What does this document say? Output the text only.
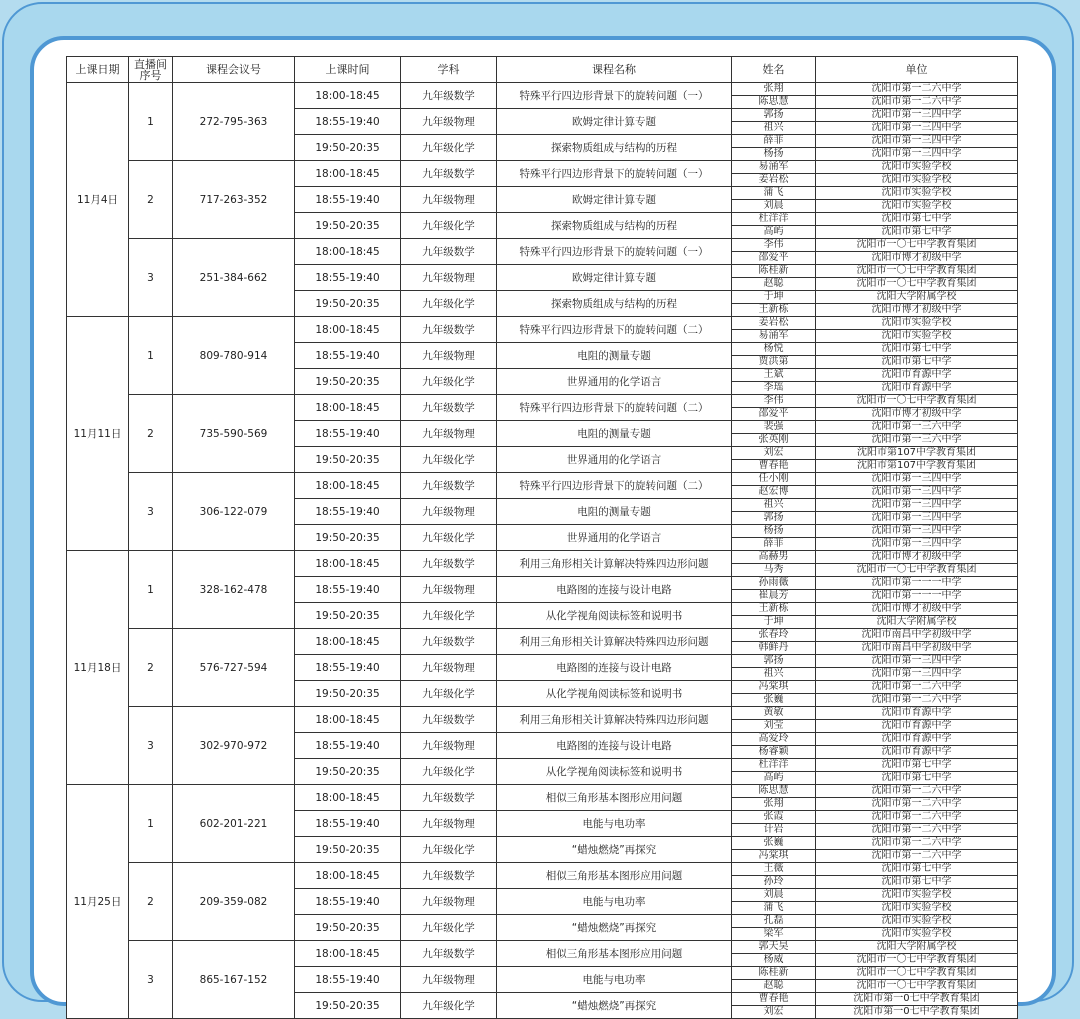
上课日期	直播间序号	课程会议号	上课时间	学科	课程名称	姓名	单位
11月4日	1	272-795-363	18:00-18:45	九年级数学	特殊平行四边形背景下的旋转问题（一）	张翔	沈阳市第一二六中学
						陈思慧	沈阳市第一二六中学
			18:55-19:40	九年级物理	欧姆定律计算专题	郭扬	沈阳市第一三四中学
						祖兴	沈阳市第一三四中学
			19:50-20:35	九年级化学	探索物质组成与结构的历程	薛菲	沈阳市第一三四中学
						杨扬	沈阳市第一三四中学
	2	717-263-352	18:00-18:45	九年级数学	特殊平行四边形背景下的旋转问题（一）	易涌军	沈阳市实验学校
						姜岩松	沈阳市实验学校
			18:55-19:40	九年级物理	欧姆定律计算专题	蒲飞	沈阳市实验学校
						刘晨	沈阳市实验学校
			19:50-20:35	九年级化学	探索物质组成与结构的历程	杜洋洋	沈阳市第七中学
						高屿	沈阳市第七中学
	3	251-384-662	18:00-18:45	九年级数学	特殊平行四边形背景下的旋转问题（一）	李伟	沈阳市一〇七中学教育集团
						邵爱平	沈阳市博才初级中学
			18:55-19:40	九年级物理	欧姆定律计算专题	陈桂新	沈阳市一〇七中学教育集团
						赵聪	沈阳市一〇七中学教育集团
			19:50-20:35	九年级化学	探索物质组成与结构的历程	于坤	沈阳大学附属学校
						王新栋	沈阳市博才初级中学
11月11日	1	809-780-914	18:00-18:45	九年级数学	特殊平行四边形背景下的旋转问题（二）	姜岩松	沈阳市实验学校
						易涌军	沈阳市实验学校
			18:55-19:40	九年级物理	电阻的测量专题	杨悦	沈阳市第七中学
						贾洪第	沈阳市第七中学
			19:50-20:35	九年级化学	世界通用的化学语言	王斌	沈阳市育源中学
						李瑶	沈阳市育源中学
	2	735-590-569	18:00-18:45	九年级数学	特殊平行四边形背景下的旋转问题（二）	李伟	沈阳市一〇七中学教育集团
						邵爱平	沈阳市博才初级中学
			18:55-19:40	九年级物理	电阻的测量专题	裴强	沈阳市第一三六中学
						张英刚	沈阳市第一三六中学
			19:50-20:35	九年级化学	世界通用的化学语言	刘宏	沈阳市第107中学教育集团
						曹春艳	沈阳市第107中学教育集团
	3	306-122-079	18:00-18:45	九年级数学	特殊平行四边形背景下的旋转问题（二）	任小刚	沈阳市第一三四中学
						赵宏博	沈阳市第一三四中学
			18:55-19:40	九年级物理	电阻的测量专题	祖兴	沈阳市第一三四中学
						郭扬	沈阳市第一三四中学
			19:50-20:35	九年级化学	世界通用的化学语言	杨扬	沈阳市第一三四中学
						薛菲	沈阳市第一三四中学
11月18日	1	328-162-478	18:00-18:45	九年级数学	利用三角形相关计算解决特殊四边形问题	高赫男	沈阳市博才初级中学
						马秀	沈阳市一〇七中学教育集团
			18:55-19:40	九年级物理	电路图的连接与设计电路	孙雨薇	沈阳市第一一一中学
						崔晨芳	沈阳市第一一一中学
			19:50-20:35	九年级化学	从化学视角阅读标签和说明书	王新栋	沈阳市博才初级中学
						于坤	沈阳大学附属学校
	2	576-727-594	18:00-18:45	九年级数学	利用三角形相关计算解决特殊四边形问题	张春玲	沈阳市南昌中学初级中学
						韩鲜丹	沈阳市南昌中学初级中学
			18:55-19:40	九年级物理	电路图的连接与设计电路	郭扬	沈阳市第一三四中学
						祖兴	沈阳市第一三四中学
			19:50-20:35	九年级化学	从化学视角阅读标签和说明书	冯棠琪	沈阳市第一二六中学
						张巍	沈阳市第一二六中学
	3	302-970-972	18:00-18:45	九年级数学	利用三角形相关计算解决特殊四边形问题	黄敏	沈阳市育源中学
						刘莹	沈阳市育源中学
			18:55-19:40	九年级物理	电路图的连接与设计电路	高爱玲	沈阳市育源中学
						杨睿颖	沈阳市育源中学
			19:50-20:35	九年级化学	从化学视角阅读标签和说明书	杜洋洋	沈阳市第七中学
						高屿	沈阳市第七中学
11月25日	1	602-201-221	18:00-18:45	九年级数学	相似三角形基本图形应用问题	陈思慧	沈阳市第一二六中学
						张翔	沈阳市第一二六中学
			18:55-19:40	九年级物理	电能与电功率	张霞	沈阳市第一二六中学
						计岩	沈阳市第一二六中学
			19:50-20:35	九年级化学	“蜡烛燃烧”再探究	张巍	沈阳市第一二六中学
						冯棠琪	沈阳市第一二六中学
	2	209-359-082	18:00-18:45	九年级数学	相似三角形基本图形应用问题	王薇	沈阳市第七中学
						孙玲	沈阳市第七中学
			18:55-19:40	九年级物理	电能与电功率	刘晨	沈阳市实验学校
						蒲飞	沈阳市实验学校
			19:50-20:35	九年级化学	“蜡烛燃烧”再探究	孔磊	沈阳市实验学校
						梁军	沈阳市实验学校
	3	865-167-152	18:00-18:45	九年级数学	相似三角形基本图形应用问题	郭天昊	沈阳大学附属学校
						杨威	沈阳市一〇七中学教育集团
			18:55-19:40	九年级物理	电能与电功率	陈桂新	沈阳市一〇七中学教育集团
						赵聪	沈阳市一〇七中学教育集团
			19:50-20:35	九年级化学	“蜡烛燃烧”再探究	曹春艳	沈阳市第一0七中学教育集团
						刘宏	沈阳市第一0七中学教育集团
